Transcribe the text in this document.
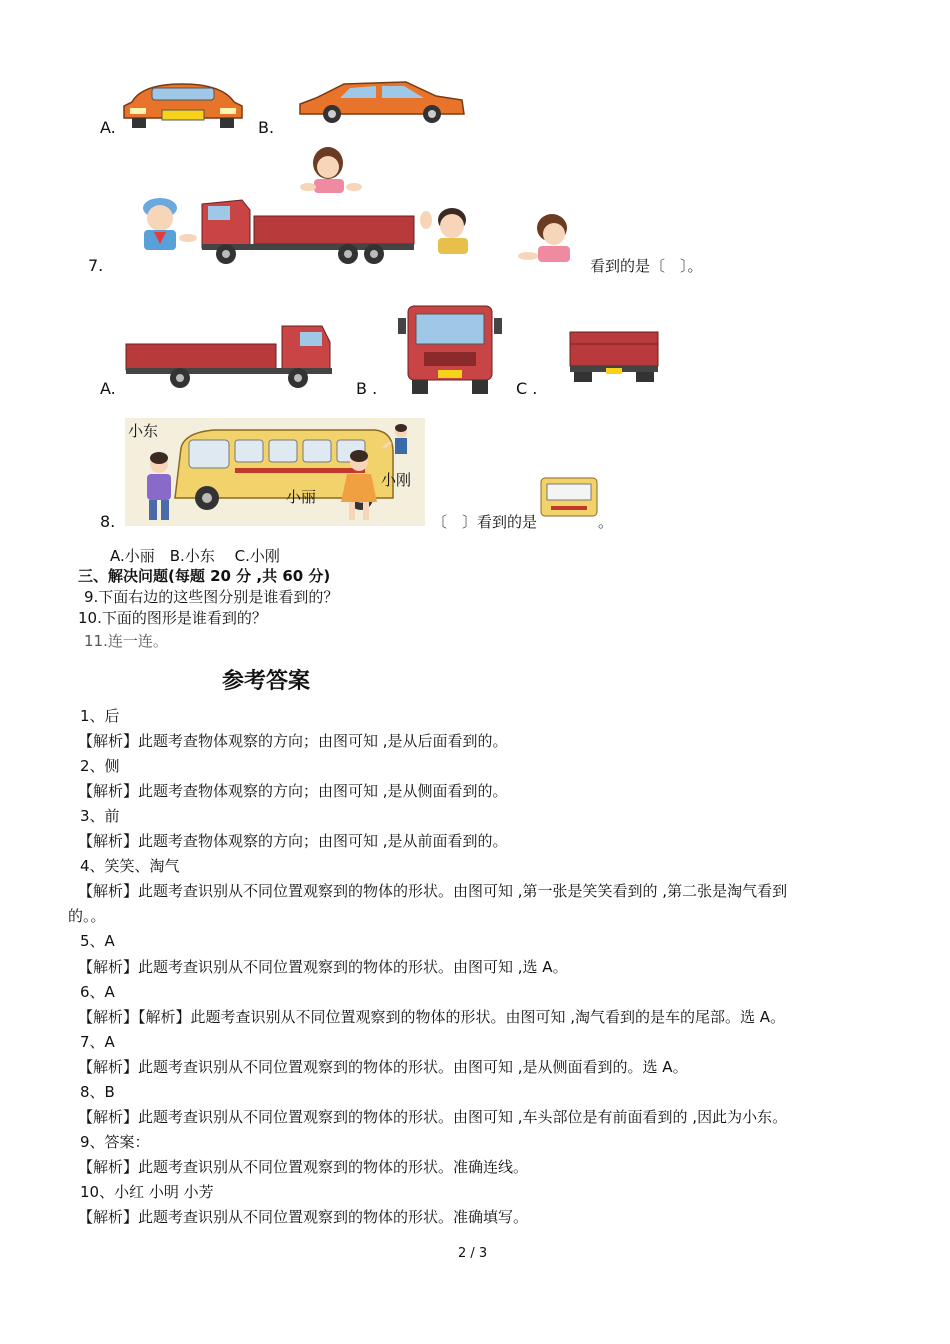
A.	B.
7.	看到的是〔　〕。
A.	B .	C .
小东
小丽
小刚
8.	〔　〕看到的是	。
A.小丽　B.小东　 C.小刚
三、解决问题(每题 20 分 ,共 60 分)
9.下面右边的这些图分别是谁看到的？
10.下面的图形是谁看到的？
11.连一连。
参考答案
1、后
【解析】此题考查物体观察的方向；由图可知 ,是从后面看到的。
2、侧
【解析】此题考查物体观察的方向；由图可知 ,是从侧面看到的。
3、前
【解析】此题考查物体观察的方向；由图可知 ,是从前面看到的。
4、笑笑、淘气
【解析】此题考查识别从不同位置观察到的物体的形状。由图可知 ,第一张是笑笑看到的 ,第二张是淘气看到
的。。
5、A
【解析】此题考查识别从不同位置观察到的物体的形状。由图可知 ,选 A。
6、A
【解析】【解析】此题考查识别从不同位置观察到的物体的形状。由图可知 ,淘气看到的是车的尾部。选 A。
7、A
【解析】此题考查识别从不同位置观察到的物体的形状。由图可知 ,是从侧面看到的。选 A。
8、B
【解析】此题考查识别从不同位置观察到的物体的形状。由图可知 ,车头部位是有前面看到的 ,因此为小东。
9、答案：
【解析】此题考查识别从不同位置观察到的物体的形状。准确连线。
10、小红 小明 小芳
【解析】此题考查识别从不同位置观察到的物体的形状。准确填写。
2 / 3
